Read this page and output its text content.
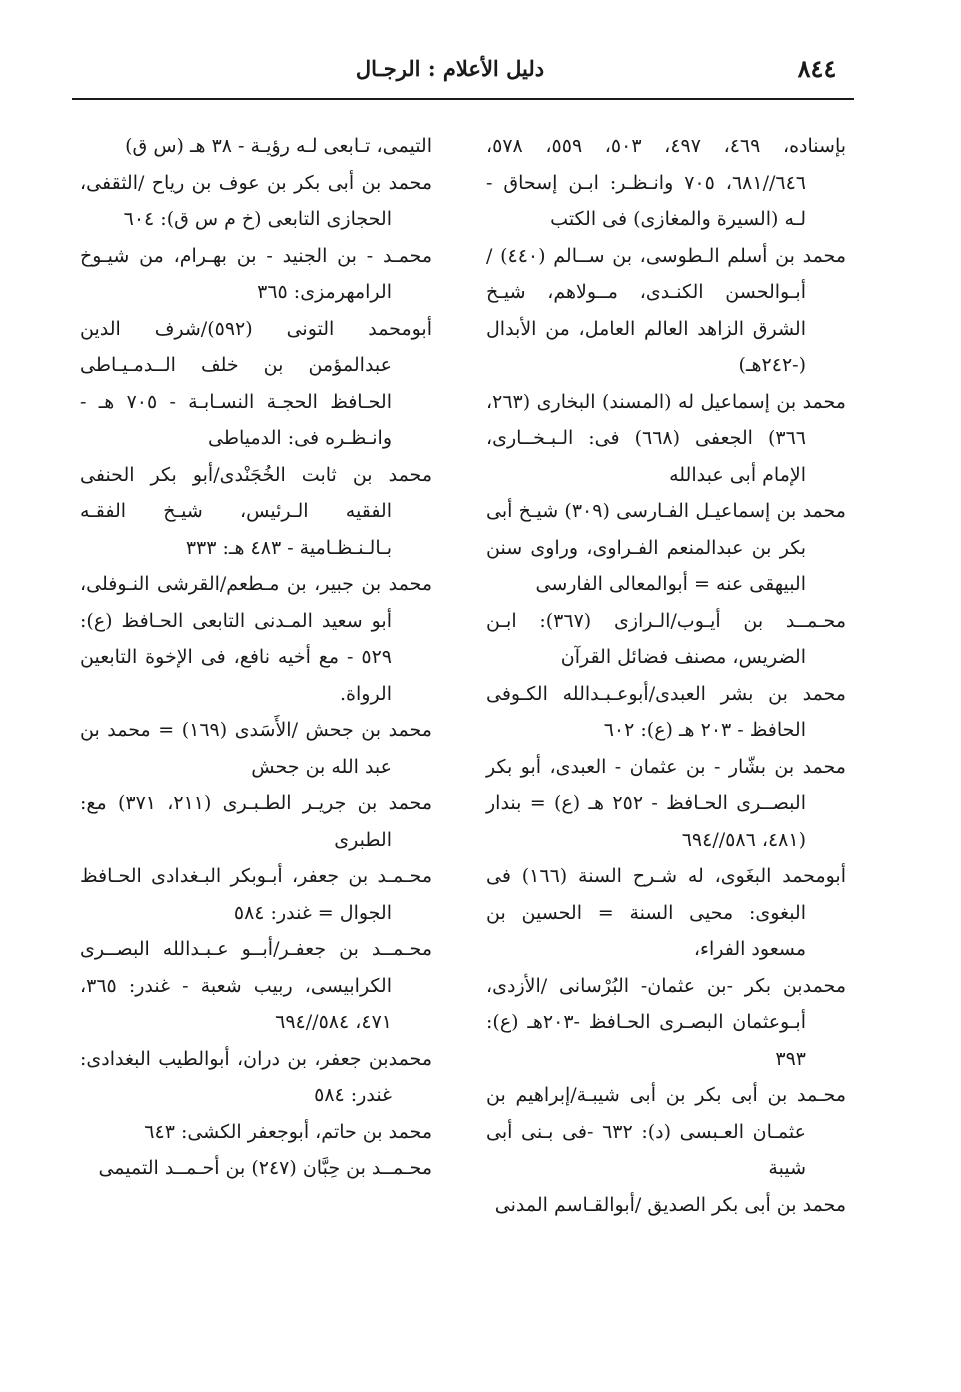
٨٤٤
دليل الأعلام : الرجـال

بإسناده، ٤٦٩، ٤٩٧، ٥٠٣، ٥٥٩، ٥٧٨، ٦٤٦//٦٨١، ٧٠٥ وانـظـر: ابـن إسحاق - لـه (السيرة والمغازى) فى الكتب

محمد بن أسلم الـطوسى، بن ســالم (٤٤٠) /أبـوالحسن الكنـدى، مــولاهم، شيـخ الشرق الزاهد العالم العامل، من الأبدال (-٢٤٢هـ)

محمد بن إسماعيل له (المسند) البخارى (٢٦٣، ٣٦٦) الجعفى (٦٦٨) فى: الـبـخــارى، الإمام أبى عبدالله

محمد بن إسماعيـل الفـارسى (٣٠٩) شيـخ أبى بكر بن عبدالمنعم الفـراوى، وراوى سنن البيهقى عنه = أبوالمعالى الفارسى

محـمــد بن أيـوب/الـرازى (٣٦٧): ابـن الضريس، مصنف فضائل القرآن

محمد بن بشر العبدى/أبوعـبـدالله الكـوفى الحافظ - ٢٠٣ هـ (ع): ٦٠٢

محمد بن بشّار - بن عثمان - العبدى، أبو بكر البصــرى الحـافظ - ٢٥٢ هـ (ع) = بندار (٤٨١، ٥٨٦//٦٩٤

أبومحمد البغَوى، له شـرح السنة (١٦٦) فى البغوى: محيى السنة = الحسين بن مسعود الفراء،

محمدبن بكر -بن عثمان- البُرْسانى /الأزدى، أبـوعثمان البصـرى الحـافظ -٢٠٣هـ (ع): ٣٩٣

محـمد بن أبى بكر بن أبى شيبـة/إبراهيم بن عثمـان العـبسى (د): ٦٣٢ -فى بـنى أبى شيبة

محمد بن أبى بكر الصديق /أبوالقـاسم المدنى

التيمى، تـابعى لـه رؤيـة - ٣٨ هـ (س ق)

محمد بن أبى بكر بن عوف بن رياح /الثقفى، الحجازى التابعى (خ م س ق): ٦٠٤

محمـد - بن الجنيد - بن بهـرام، من شيـوخ الرامهرمزى: ٣٦٥

أبومحمد التونى (٥٩٢)/شرف الدين عبدالمؤمن بن خلف الــدمـيـاطى الحـافظ الحجـة النسـابـة - ٧٠٥ هـ - وانـظـره فى: الدمياطى

محمد بن ثابت الخُجَنْدى/أبو بكر الحنفى الفقيه الـرئيس، شيـخ الفقـه بـالـنـظـامية - ٤٨٣ هـ: ٣٣٣

محمد بن جبير، بن مـطعم/القرشى النـوفلى، أبو سعيد المـدنى التابعى الحـافظ (ع): ٥٢٩ - مع أخيه نافع، فى الإخوة التابعين الرواة.

محمد بن جحش /الأَسَدى (١٦٩) = محمد بن عبد الله بن جحش

محمد بن جريـر الطـبـرى (٢١١، ٣٧١) مع: الطبرى

محـمـد بن جعفر، أبـوبكر البـغدادى الحـافظ الجوال = غندر: ٥٨٤

محـمــد بن جعفـر/أبــو عـبـدالله البصــرى الكرابيسى، ربيب شعبة - غندر: ٣٦٥، ٤٧١، ٥٨٤//٦٩٤

محمدبن جعفر، بن دران، أبوالطيب البغدادى: غندر: ٥٨٤

محمد بن حاتم، أبوجعفر الكشى: ٦٤٣

محـمــد بن حِبَّان (٢٤٧) بن أحـمــد التميمى
